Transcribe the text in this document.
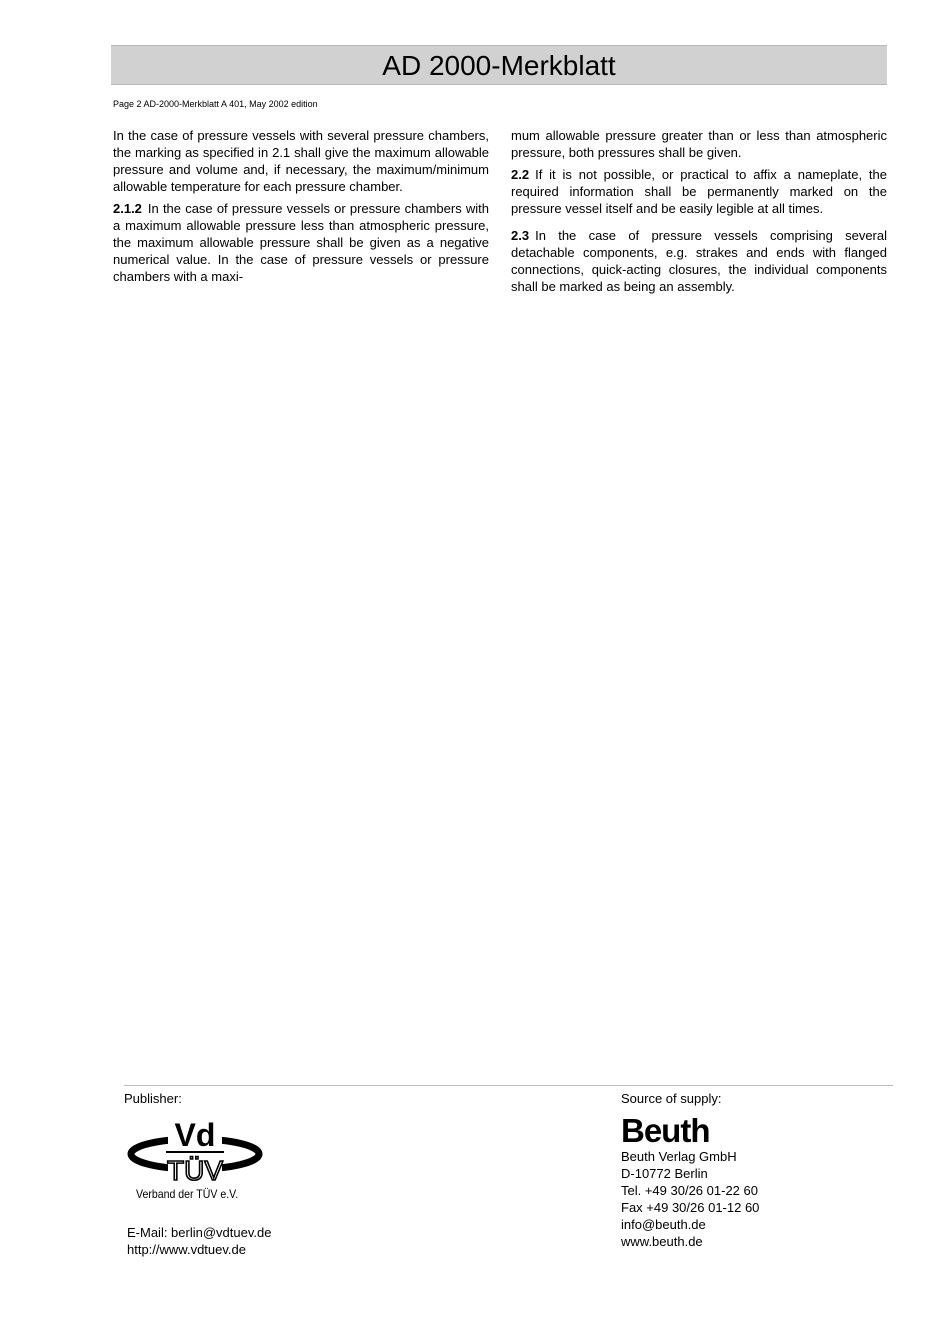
AD 2000-Merkblatt
Page 2 AD-2000-Merkblatt A 401, May 2002 edition

In the case of pressure vessels with several pressure chambers, the marking as specified in 2.1 shall give the maximum allowable pressure and volume and, if necessary, the maximum/minimum allowable temperature for each pressure chamber.

2.1.2 In the case of pressure vessels or pressure chambers with a maximum allowable pressure less than atmospheric pressure, the maximum allowable pressure shall be given as a negative numerical value. In the case of pressure vessels or pressure chambers with a maxi-

mum allowable pressure greater than or less than atmospheric pressure, both pressures shall be given.

2.2 If it is not possible, or practical to affix a nameplate, the required information shall be permanently marked on the pressure vessel itself and be easily legible at all times.

2.3 In the case of pressure vessels comprising several detachable components, e.g. strakes and ends with flanged connections, quick-acting closures, the individual components shall be marked as being an assembly.

Publisher:
Vd
TÜV
Verband der TÜV e.V.
E-Mail: berlin@vdtuev.de
http://www.vdtuev.de
Source of supply:
Beuth
Beuth Verlag GmbH
D-10772 Berlin
Tel. +49 30/26 01-22 60
Fax +49 30/26 01-12 60
info@beuth.de
www.beuth.de
